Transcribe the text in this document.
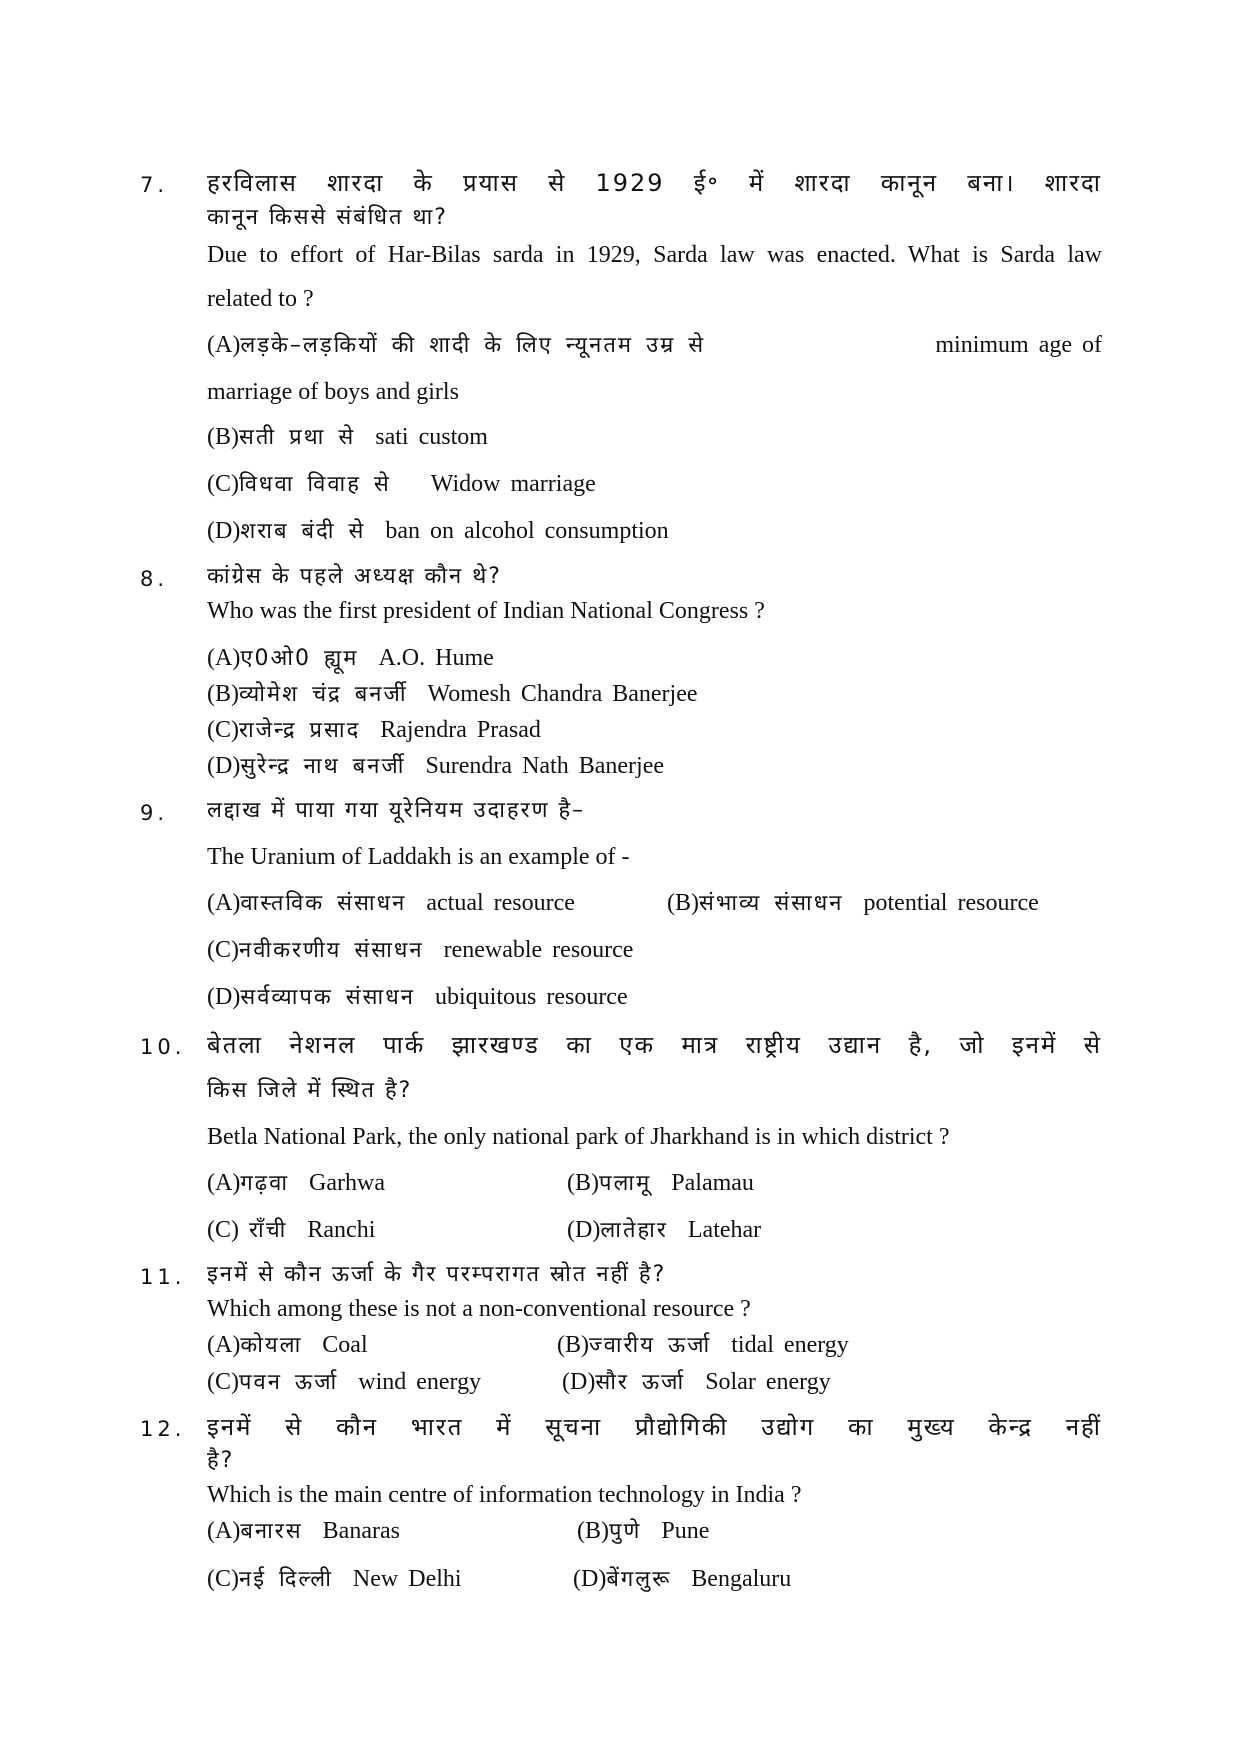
7. हरविलास शारदा के प्रयास से 1929 ई॰ में शारदा कानून बना। शारदा
कानून किससे संबंधित था?
Due to effort of Har-Bilas sarda in 1929, Sarda law was enacted. What is Sarda law
related to ?
(A)लड़के–लड़कियों की शादी के लिए न्यूनतम उम्र से	minimum age of
marriage of boys and girls
(B)सती प्रथा से sati custom
(C)विधवा विवाह से Widow marriage
(D)शराब बंदी से ban on alcohol consumption
8. कांग्रेस के पहले अध्यक्ष कौन थे?
Who was the first president of Indian National Congress ?
(A)ए0ओ0 ह्यूम A.O. Hume
(B)व्योमेश चंद्र बनर्जी Womesh Chandra Banerjee
(C)राजेन्द्र प्रसाद Rajendra Prasad
(D)सुरेन्द्र नाथ बनर्जी Surendra Nath Banerjee
9. लद्दाख में पाया गया यूरेनियम उदाहरण है–
The Uranium of Laddakh is an example of -
(A)वास्तविक संसाधन actual resource	(B)संभाव्य संसाधन potential resource
(C)नवीकरणीय संसाधन renewable resource
(D)सर्वव्यापक संसाधन ubiquitous resource
10. बेतला नेशनल पार्क झारखण्ड का एक मात्र राष्ट्रीय उद्यान है, जो इनमें से
किस जिले में स्थित है?
Betla National Park, the only national park of Jharkhand is in which district ?
(A)गढ़वा Garhwa	(B)पलामू Palamau
(C) राँची Ranchi	(D)लातेहार Latehar
11. इनमें से कौन ऊर्जा के गैर परम्परागत स्रोत नहीं है?
Which among these is not a non-conventional resource ?
(A)कोयला Coal	(B)ज्वारीय ऊर्जा tidal energy
(C)पवन ऊर्जा wind energy	(D)सौर ऊर्जा Solar energy
12. इनमें से कौन भारत में सूचना प्रौद्योगिकी उद्योग का मुख्य केन्द्र नहीं
है?
Which is the main centre of information technology in India ?
(A)बनारस Banaras	(B)पुणे Pune
(C)नई दिल्ली New Delhi	(D)बेंगलुरू Bengaluru
